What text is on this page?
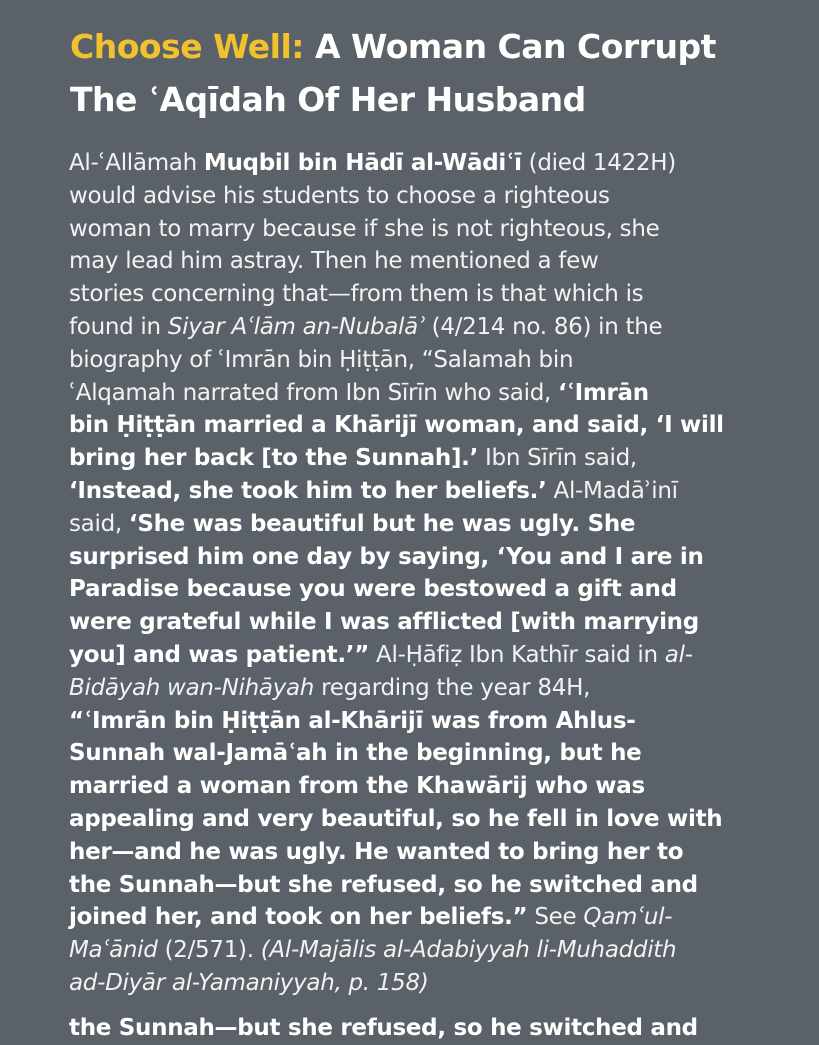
Choose Well: A Woman Can Corrupt
The ʿAqīdah Of Her Husband
Al-ʿAllāmah Muqbil bin Hādī al-Wādiʿī (died 1422H)
would advise his students to choose a righteous
woman to marry because if she is not righteous, she
may lead him astray. Then he mentioned a few
stories concerning that—from them is that which is
found in Siyar Aʿlām an-Nubalāʾ (4/214 no. 86) in the
biography of ʿImrān bin Ḥiṭṭān, “Salamah bin
ʿAlqamah narrated from Ibn Sīrīn who said, ‘ʿImrān
bin Ḥiṭṭān married a Khārijī woman, and said, ‘I will
bring her back [to the Sunnah].’ Ibn Sīrīn said,
‘Instead, she took him to her beliefs.’ Al-Madāʾinī
said, ‘She was beautiful but he was ugly. She
surprised him one day by saying, ‘You and I are in
Paradise because you were bestowed a gift and
were grateful while I was afflicted [with marrying
you] and was patient.’” Al-Ḥāfiẓ Ibn Kathīr said in al-
Bidāyah wan-Nihāyah regarding the year 84H,
“ʿImrān bin Ḥiṭṭān al-Khārijī was from Ahlus-
Sunnah wal-Jamāʿah in the beginning, but he
married a woman from the Khawārij who was
appealing and very beautiful, so he fell in love with
her—and he was ugly. He wanted to bring her to
the Sunnah—but she refused, so he switched and
joined her, and took on her beliefs.” See Qamʿul-
Maʿānid (2/571). (Al-Majālis al-Adabiyyah li-Muhaddith
ad-Diyār al-Yamaniyyah, p. 158)
the Sunnah—but she refused, so he switched and
